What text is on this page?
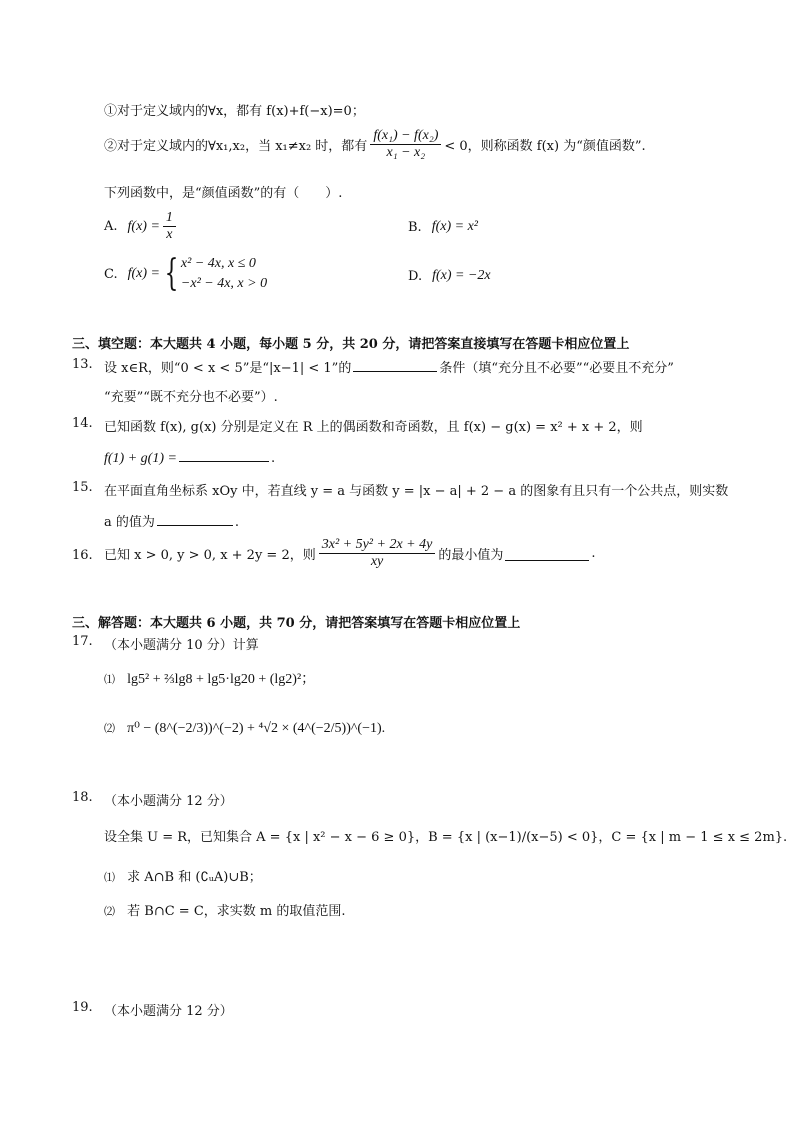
①对于定义域内的∀x，都有 f(x)+f(−x)=0；
②对于定义域内的∀x₁,x₂，当 x₁≠x₂ 时，都有 $\frac{\text{f(x₁) − f(x₂)}}{\text{x₁ − x₂}} < 0$，则称函数 f(x) 为“颜值函数”.
下列函数中，是“颜值函数”的有（　　）.
A. $f(x) = \frac{1}{x}$	B. f(x) = x²
C. f(x) = { x² − 4x, x ≤ 0
−x² − 4x, x > 0	D. f(x) = −2x
三、填空题：本大题共 4 小题，每小题 5 分，共 20 分，请把答案直接填写在答题卡相应位置上
13. 设 x∈R，则“0 < x < 5”是“|x−1| < 1”的	条件（填“充分且不必要”“必要且不充分”
“充要”“既不充分也不必要”）.
14. 已知函数 f(x), g(x) 分别是定义在 R 上的偶函数和奇函数，且 f(x) − g(x) = x² + x + 2，则
f(1) + g(1) =	.
15. 在平面直角坐标系 xOy 中，若直线 y = a 与函数 y = |x − a| + 2 − a 的图象有且只有一个公共点，则实数
a 的值为	.
16. 已知 x > 0, y > 0, x + 2y = 2，则 $\frac{\text{3x² + 5y² + 2x + 4y}}{xy}$ 的最小值为	.
三、解答题：本大题共 6 小题，共 70 分，请把答案填写在答题卡相应位置上
17. （本小题满分 10 分）计算
⑴ lg5² + ⅔lg8 + lg5·lg20 + (lg2)²；
⑵ π⁰ − (8^(−2/3))^(−2) + ⁴√2 × (4^(−2/5))^(−1).
18. （本小题满分 12 分）
设全集 U = R，已知集合 A = {x | x² − x − 6 ≥ 0}，B = {x | (x−1)/(x−5) < 0}，C = {x | m − 1 ≤ x ≤ 2m}.
⑴ 求 A∩B 和 (∁ᵤA)∪B；
⑵ 若 B∩C = C，求实数 m 的取值范围.
19. （本小题满分 12 分）
